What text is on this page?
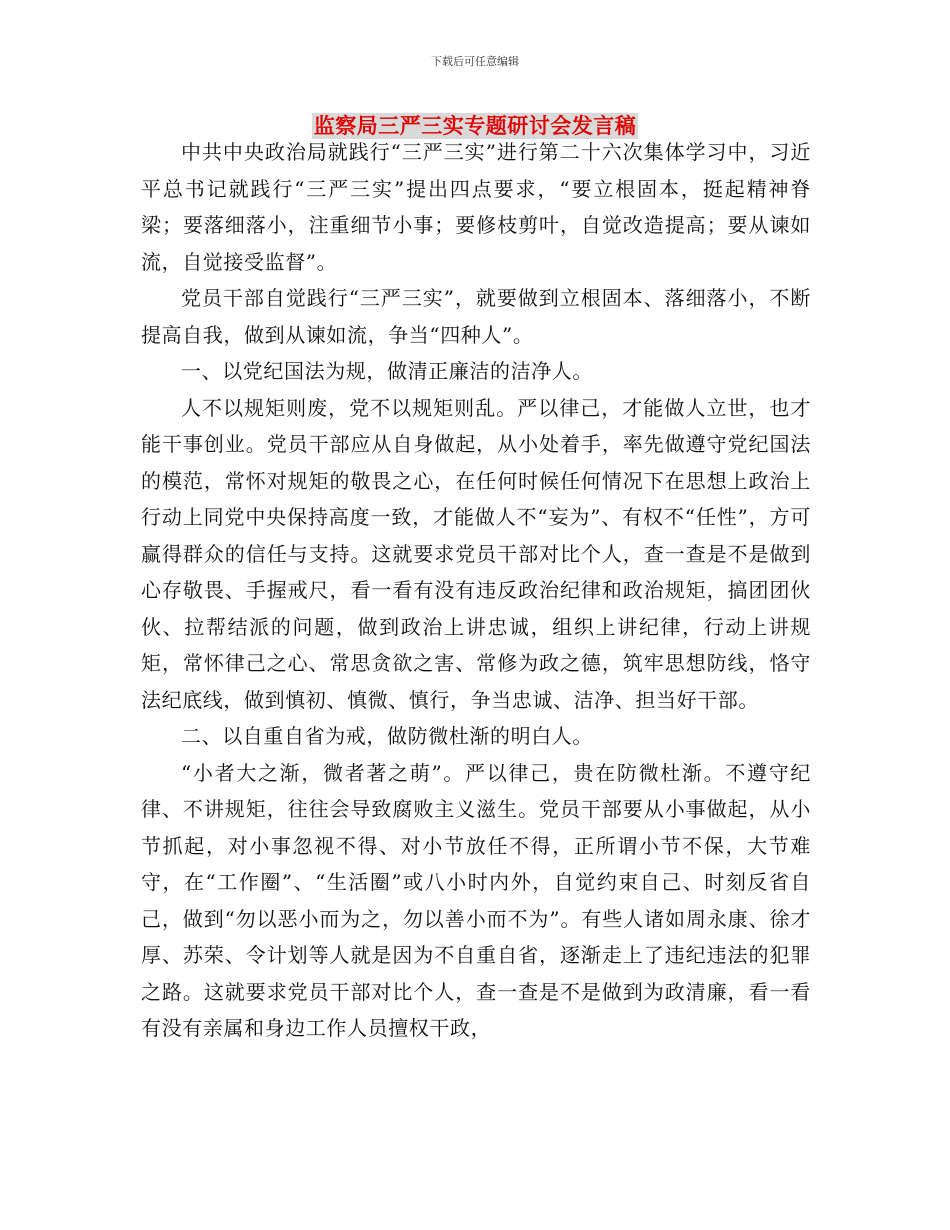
下载后可任意编辑
监察局三严三实专题研讨会发言稿

中共中央政治局就践行“三严三实”进行第二十六次集体学习中，习近平总书记就践行“三严三实”提出四点要求，“要立根固本，挺起精神脊梁；要落细落小，注重细节小事；要修枝剪叶，自觉改造提高；要从谏如流，自觉接受监督”。

党员干部自觉践行“三严三实”，就要做到立根固本、落细落小，不断提高自我，做到从谏如流，争当“四种人”。

一、以党纪国法为规，做清正廉洁的洁净人。

人不以规矩则废，党不以规矩则乱。严以律己，才能做人立世，也才能干事创业。党员干部应从自身做起，从小处着手，率先做遵守党纪国法的模范，常怀对规矩的敬畏之心，在任何时候任何情况下在思想上政治上行动上同党中央保持高度一致，才能做人不“妄为”、有权不“任性”，方可赢得群众的信任与支持。这就要求党员干部对比个人，查一查是不是做到心存敬畏、手握戒尺，看一看有没有违反政治纪律和政治规矩，搞团团伙伙、拉帮结派的问题，做到政治上讲忠诚，组织上讲纪律，行动上讲规矩，常怀律己之心、常思贪欲之害、常修为政之德，筑牢思想防线，恪守法纪底线，做到慎初、慎微、慎行，争当忠诚、洁净、担当好干部。

二、以自重自省为戒，做防微杜渐的明白人。

“小者大之渐，微者著之萌”。严以律己，贵在防微杜渐。不遵守纪律、不讲规矩，往往会导致腐败主义滋生。党员干部要从小事做起，从小节抓起，对小事忽视不得、对小节放任不得，正所谓小节不保，大节难守，在“工作圈”、“生活圈”或八小时内外，自觉约束自己、时刻反省自己，做到“勿以恶小而为之，勿以善小而不为”。有些人诸如周永康、徐才厚、苏荣、令计划等人就是因为不自重自省，逐渐走上了违纪违法的犯罪之路。这就要求党员干部对比个人，查一查是不是做到为政清廉，看一看有没有亲属和身边工作人员擅权干政，
